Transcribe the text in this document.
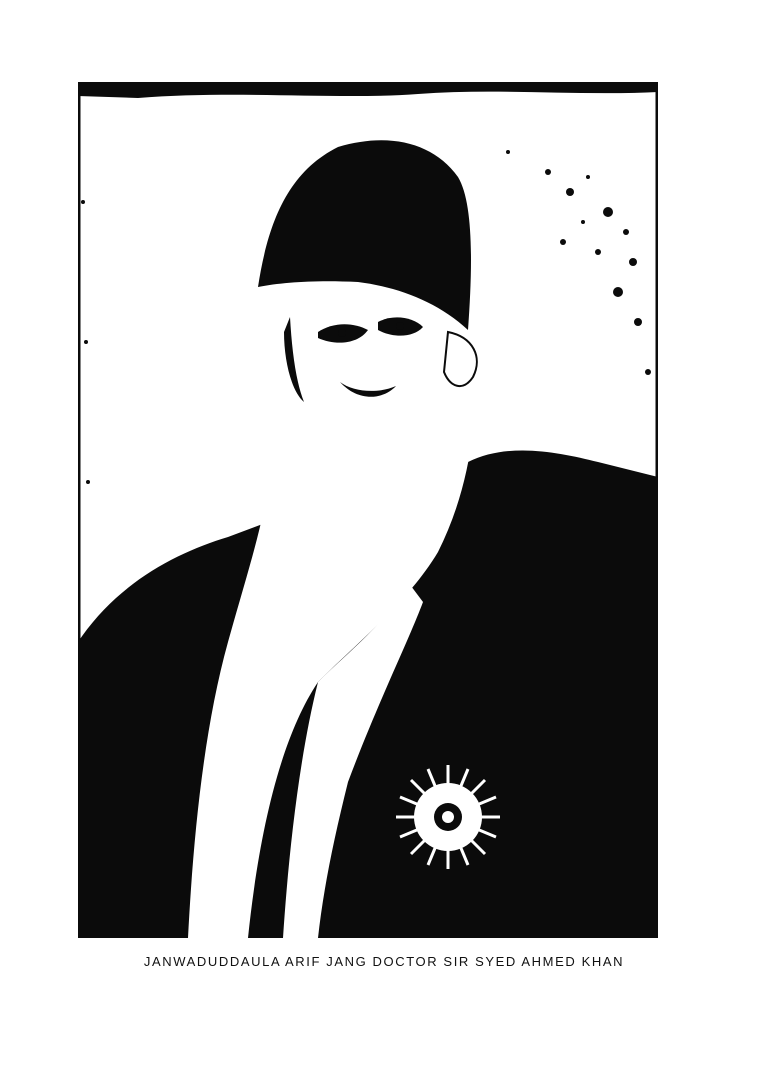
JANWADUDDAULA ARIF JANG DOCTOR SIR SYED AHMED KHAN
